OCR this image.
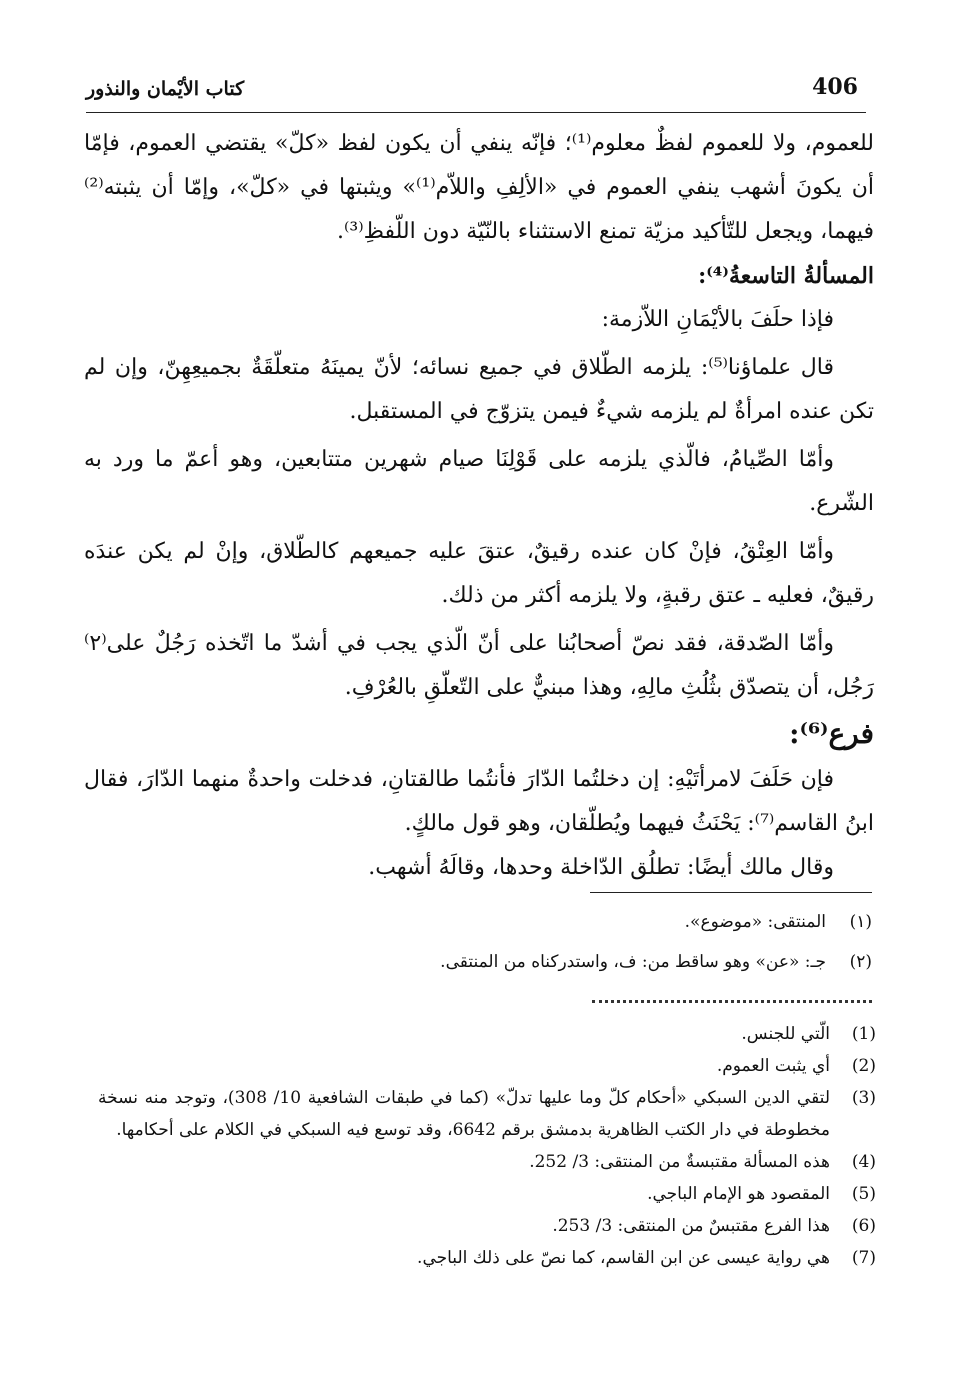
406
كتاب الأيْمان والنذور

للعموم، ولا للعموم لفظٌ معلوم⁽¹⁾؛ فإنّه ينفي أن يكون لفظ «كلّ» يقتضي العموم، فإمّا أن يكونَ أشهب ينفي العموم في «الألِفِ واللاّم⁽¹⁾» ويثبتها في «كلّ»، وإمّا أن يثبته⁽²⁾ فيهما، ويجعل للتّأكيد مزيّة تمنع الاستثناء بالنّيّة دون اللّفظِ⁽³⁾.

المسألةُ التاسعةُ⁽⁴⁾:

فإذا حلَفَ بالأيْمَانِ اللاّزمة:

قال علماؤنا⁽⁵⁾: يلزمه الطّلاق في جميع نسائه؛ لأنّ يمينَهُ متعلّقَةٌ بجميعِهِنّ، وإن لم تكن عنده امرأةٌ لم يلزمه شيءٌ فيمن يتزوّج في المستقبل.

وأمّا الصِّيامُ، فالّذي يلزمه على قَوْلِنَا صيام شهرين متتابعين، وهو أعمّ ما ورد به الشّرع.

وأمّا العِتْقُ، فإنْ كان عنده رقيقٌ، عتقَ عليه جميعهم كالطّلاق، وإنْ لم يكن عندَه رقيقٌ، فعليه ـ عتق رقبةٍ، ولا يلزمه أكثر من ذلك.

وأمّا الصّدقة، فقد نصّ أصحابُنا على أنّ الّذي يجب في أشدّ ما اتّخذه رَجُلٌ على⁽٢⁾ رَجُل، أن يتصدّق بثُلُثِ مالِهِ، وهذا مبنيٌّ على التّعلّقِ بالعُرْفِ.

فرع⁽⁶⁾:

فإن حَلَفَ لامرأتَيْهِ: إن دخلتُما الدّارَ فأنتُما طالقتانِ، فدخلت واحدةٌ منهما الدّارَ، فقال ابنُ القاسم⁽⁷⁾: يَحْنَثُ فيهما ويُطلّقان، وهو قول مالكٍ.

وقال مالك أيضًا: تطلُق الدّاخلة وحدها، وقالَهُ أشهب.

(١)
المنتقى: «موضوع».
(٢)
جـ: «عن» وهو ساقط من: ف، واستدركناه من المنتقى.
(1)
الّتي للجنس.
(2)
أي يثبت العموم.
(3)
لتقي الدين السبكي «أحكام كلّ وما عليها تدلّ» (كما في طبقات الشافعية 10/ 308)، وتوجد منه نسخة مخطوطة في دار الكتب الظاهرية بدمشق برقم 6642، وقد توسع فيه السبكي في الكلام على أحكامها.
(4)
هذه المسألة مقتبسةٌ من المنتقى: 3/ 252.
(5)
المقصود هو الإمام الباجي.
(6)
هذا الفرع مقتبسٌ من المنتقى: 3/ 253.
(7)
هي رواية عيسى عن ابن القاسم، كما نصّ على ذلك الباجي.
